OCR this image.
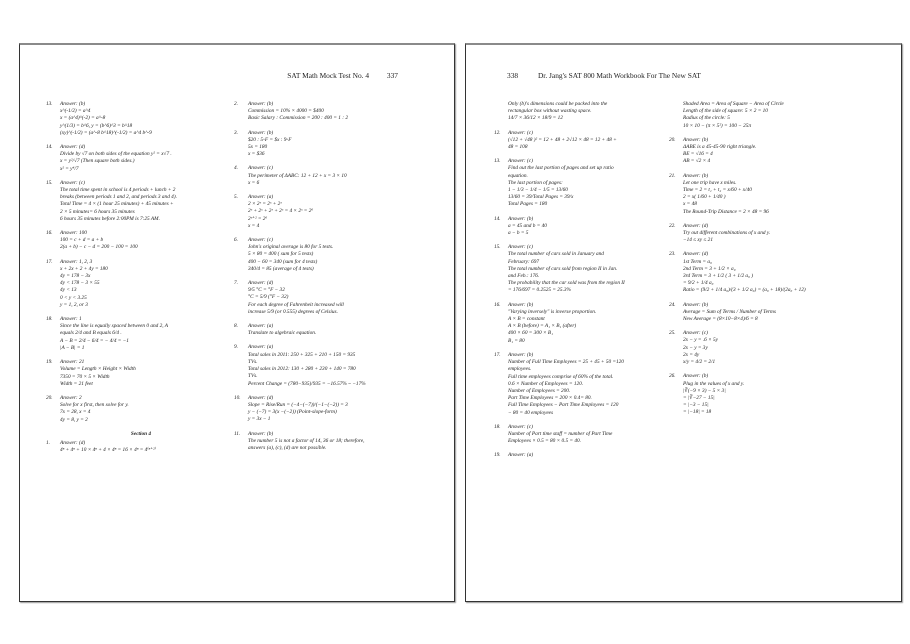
SAT Math Mock Test No. 4 337
13. Answer: (b)
x^(-1/2) = a^4
x = (a^4)^(-2) = a^-8
y^(1/3) = b^6, y = (b^6)^3 = b^18
(xy)^(-1/2) = (a^-8 b^18)^(-1/2) = a^4 b^-9
14. Answer: (d)
Divide by √7 on both sides of the equation y² = x√7 .
x = y²/√7 (Then square both sides.)
x² = y⁴/7
15. Answer: (c)
The total time spent in school is 4 periods + lunch + 2
breaks (between periods 1 and 2, and periods 3 and 4).
Total Time = 4 × (1 hour 25 minutes) + 45 minutes +
2 × 5 minutes= 6 hours 35 minutes
6 hours 35 minutes before 2:00PM is 7:25 AM.
16. Answer: 100
100 = c + d = a + b
2(a + b) − c − d = 200 − 100 = 100
17. Answer: 1, 2, 3
x + 2x + 2 + 4y = 180
4y = 178 − 3x
4y < 178 − 3 × 55
4y < 13
0 < y < 3.25
y = 1, 2, or 3
18. Answer: 1
Since the line is equally spaced between 0 and 2, A
equals 2/4 and B equals 6/4 .
A − B = 2/4 − 6/4 = − 4/4 = −1
|A − B| = 1
19. Answer: 21
Volume = Length × Height × Width
7350 = 70 × 5 × Width
Width = 21 feet
20. Answer: 2
Solve for x first, then solve for y.
7x = 28, x = 4
4y = 8, y = 2
Section 4
1. Answer: (d)
4ⁿ + 4ⁿ + 10 × 4ⁿ + 4 × 4ⁿ = 16 × 4ⁿ = 4⁽ⁿ⁺²⁾
2. Answer: (b)
Commission = 10% × 4000 = $400
Basic Salary : Commission = 200 : 400 = 1 : 2
3. Answer: (b)
$20 : 5◦F = $x : 9◦F
5x = 180
x = $36
4. Answer: (c)
The perimeter of ΔABC: 12 + 12 + x = 3 × 10
x = 6
5. Answer: (a)
2 × 2ˣ = 2ˣ + 2ˣ
2ˣ + 2ˣ + 2ˣ + 2ˣ = 4 × 2ˣ = 2⁶
2ˣ⁺² = 2⁶
x = 4
6. Answer: (c)
John's original average is 80 for 5 tests.
5 × 80 = 400 ( sum for 5 tests)
400 − 60 = 340 (sum for 4 tests)
340/4 = 85 (average of 4 tests)
7. Answer: (d)
9/5 °C = °F − 32
°C = 5/9 (°F − 32)
For each degree of Fahrenheit increased will
increase 5/9 (or 0.555) degrees of Celsius.
8. Answer: (a)
Translate to algebraic equation.
9. Answer: (a)
Total sales in 2011: 250 + 325 + 210 + 150 = 935
TVs.
Total sales in 2012: 130 + 280 + 230 + 140 = 780
TVs.
Percent Change = (780−935)/935 = −16.57% ~ −17%
10. Answer: (d)
Slope = Rise/Run = (−4−(−7))/(−1−(−2)) = 3
y − (−7) = 3(x −(−2)) (Point-slope-form)
y = 3x − 1
11. Answer: (b)
The number 5 is not a factor of 14, 36 or 18; therefore,
answers (a), (c), (d) are not possible.
338	Dr. Jang's SAT 800 Math Workbook For The New SAT
Only (b)'s dimensions could be packed into the
rectangular box without wasting space.
14/7 × 36/12 × 18/9 = 12
12. Answer: (c)
(√12 + √48 )² = 12 + 48 + 2√12 × 48 = 12 + 48 +
48 = 108
13. Answer: (c)
Find out the last portion of pages and set up ratio
equation.
The last portion of pages:
1 − 1/3 − 1/4 − 1/5 = 13/60
13/60 = 39/Total Pages = 39/x
Total Pages = 180
14. Answer: (b)
a = 45 and b = 40
a − b = 5
15. Answer: (c)
The total number of cars sold in January and
February: 697
The total number of cars sold from region II in Jan.
and Feb.: 176.
The probability that the car sold was from the region II
= 176/697 = 0.2525 = 25.3%
16. Answer: (b)
"Varying inversely" is inverse proportion.
A × B = constant
A × B (before) = A₁ × B₁ (after)
400 × 60 = 300 × B₁
B₁ = 80
17. Answer: (b)
Number of Full Time Employees = 25 + 45 + 50 =120
employees.
Full time employees comprise of 60% of the total.
0.6 × Number of Employees = 120.
Number of Employees = 200.
Part Time Employees = 200 × 0.4= 80.
Full Time Employees − Part Time Employees = 120
− 80 = 40 employees
18. Answer: (c)
Number of Part time staff = number of Part Time
Employees × 0.5 = 80 × 0.5 = 40.
19. Answer: (a)
Shaded Area = Area of Square − Area of Circle
Length of the side of square: 5 × 2 = 10
Radius of the circle: 5
10 × 10 − (π × 5²) = 100 − 25π
20. Answer: (b)
ΔABE is a 45-45-90 right triangle.
BE = √16 = 4
AB = √2 × 4
21. Answer: (b)
Let one trip have x miles.
Time = 2 = t₁ + t₂ = x/60 + x/40
2 = x( 1/60 + 1/40 )
x = 48
The Round-Trip Distance = 2 × 48 = 96
22. Answer: (d)
Try out different combinations of x and y.
−14 ≤ xy ≤ 21
23. Answer: (d)
1st Term = a₀
2nd Term = 3 + 1/2 × a₀
3rd Term = 3 + 1/2 ( 3 + 1/2 a₀ )
= 9/2 + 1/4 a₀
Ratio = (9/2 + 1/4 a₀)/(3 + 1/2 a₀) = (a₀ + 18)/(2a₀ + 12)
24. Answer: (b)
Average = Sum of Terms / Number of Terms
New Average = (8×10−8×4)/6 = 8
25. Answer: (c)
2x − y = .6 × 5y
2x − y = 3y
2x = 4y
x/y = 4/2 = 2/1
26. Answer: (b)
Plug in the values of x and y.
|∛(−9 × 3) − 5 × 3|
= |∛−27 − 15|
= |−3 − 15|
= |−18| = 18
